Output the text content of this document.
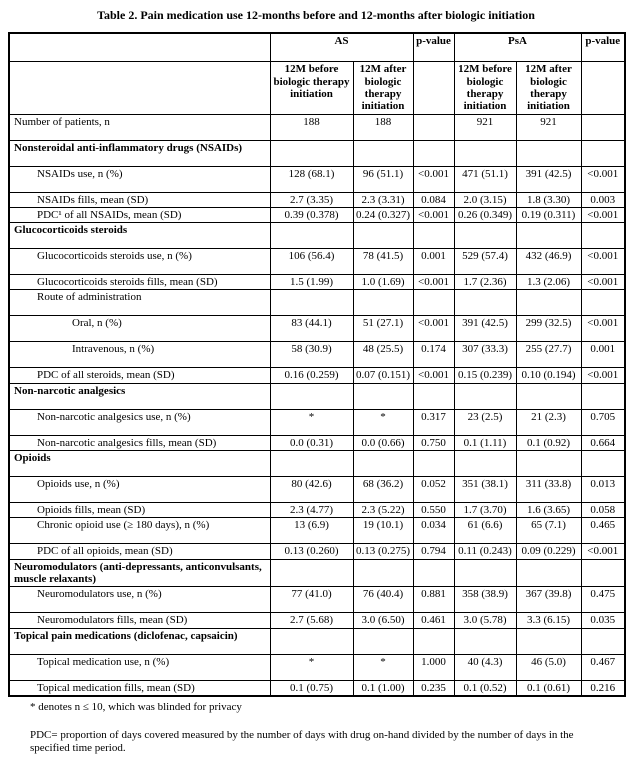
Table 2. Pain medication use 12-months before and 12-months after biologic initiation
	AS		p-value	PsA		p-value
	12M before biologic therapy initiation	12M after biologic therapy initiation		12M before biologic therapy initiation	12M after biologic therapy initiation	
Number of patients, n	188	188		921	921	
Nonsteroidal anti-inflammatory drugs (NSAIDs)						
NSAIDs use, n (%)	128 (68.1)	96 (51.1)	<0.001	471 (51.1)	391 (42.5)	<0.001
NSAIDs fills, mean (SD)	2.7 (3.35)	2.3 (3.31)	0.084	2.0 (3.15)	1.8 (3.30)	0.003
PDC¹ of all NSAIDs, mean (SD)	0.39 (0.378)	0.24 (0.327)	<0.001	0.26 (0.349)	0.19 (0.311)	<0.001
Glucocorticoids steroids						
Glucocorticoids steroids use, n (%)	106 (56.4)	78 (41.5)	0.001	529 (57.4)	432 (46.9)	<0.001
Glucocorticoids steroids fills, mean (SD)	1.5 (1.99)	1.0 (1.69)	<0.001	1.7 (2.36)	1.3 (2.06)	<0.001
Route of administration						
Oral, n (%)	83 (44.1)	51 (27.1)	<0.001	391 (42.5)	299 (32.5)	<0.001
Intravenous, n (%)	58 (30.9)	48 (25.5)	0.174	307 (33.3)	255 (27.7)	0.001
PDC of all steroids, mean (SD)	0.16 (0.259)	0.07 (0.151)	<0.001	0.15 (0.239)	0.10 (0.194)	<0.001
Non-narcotic analgesics						
Non-narcotic analgesics use, n (%)	*	*	0.317	23 (2.5)	21 (2.3)	0.705
Non-narcotic analgesics fills, mean (SD)	0.0 (0.31)	0.0 (0.66)	0.750	0.1 (1.11)	0.1 (0.92)	0.664
Opioids						
Opioids use, n (%)	80 (42.6)	68 (36.2)	0.052	351 (38.1)	311 (33.8)	0.013
Opioids fills, mean (SD)	2.3 (4.77)	2.3 (5.22)	0.550	1.7 (3.70)	1.6 (3.65)	0.058
Chronic opioid use (≥ 180 days), n (%)	13 (6.9)	19 (10.1)	0.034	61 (6.6)	65 (7.1)	0.465
PDC of all opioids, mean (SD)	0.13 (0.260)	0.13 (0.275)	0.794	0.11 (0.243)	0.09 (0.229)	<0.001
Neuromodulators (anti-depressants, anticonvulsants, muscle relaxants)						
Neuromodulators use, n (%)	77 (41.0)	76 (40.4)	0.881	358 (38.9)	367 (39.8)	0.475
Neuromodulators fills, mean (SD)	2.7 (5.68)	3.0 (6.50)	0.461	3.0 (5.78)	3.3 (6.15)	0.035
Topical pain medications (diclofenac, capsaicin)						
Topical medication use, n (%)	*	*	1.000	40 (4.3)	46 (5.0)	0.467
Topical medication fills, mean (SD)	0.1 (0.75)	0.1 (1.00)	0.235	0.1 (0.52)	0.1 (0.61)	0.216
* denotes n ≤ 10, which was blinded for privacy
PDC= proportion of days covered measured by the number of days with drug on-hand divided by the number of days in the specified time period.
